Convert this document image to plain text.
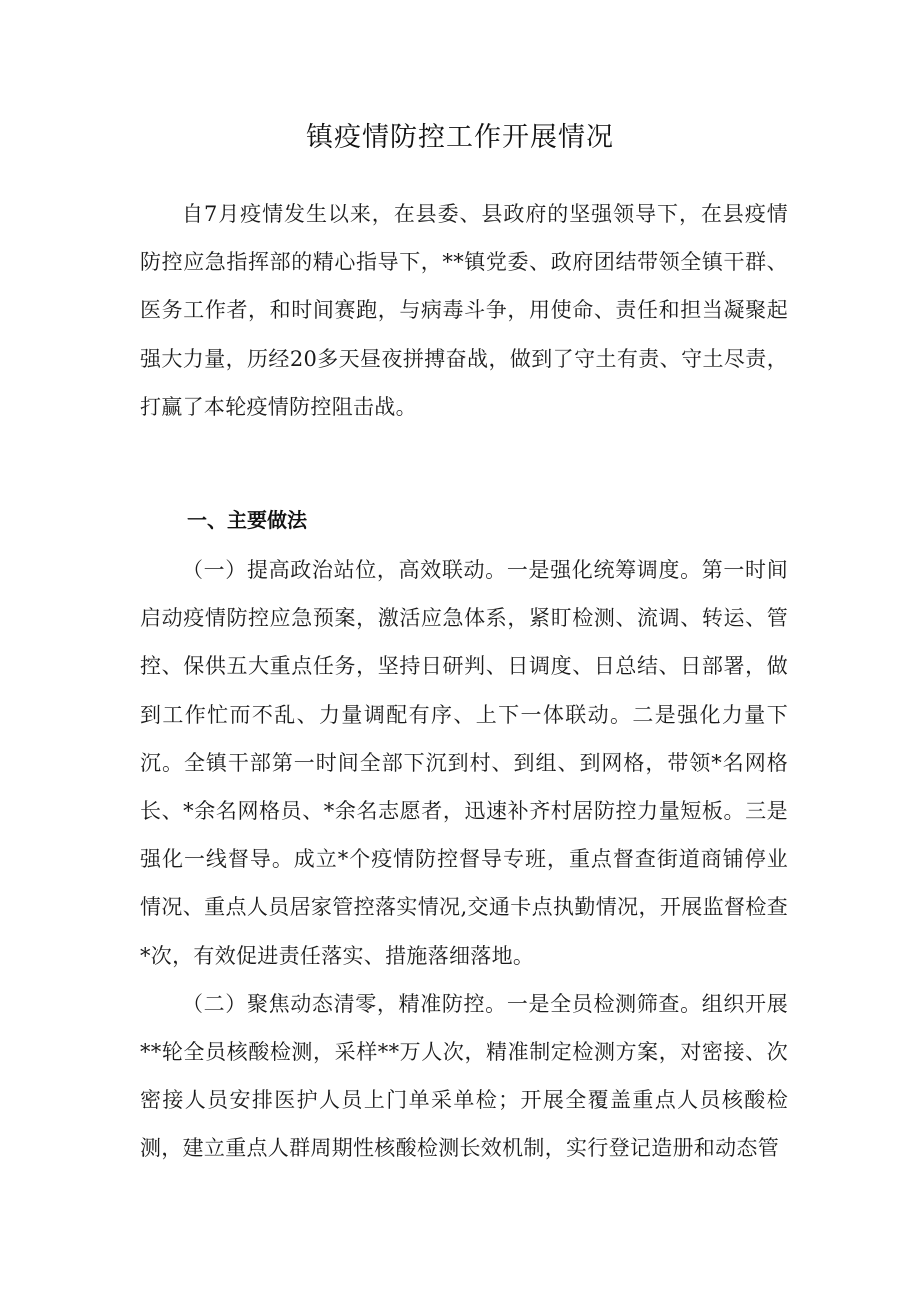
镇疫情防控工作开展情况

自7月疫情发生以来，在县委、县政府的坚强领导下，在县疫情防控应急指挥部的精心指导下，**镇党委、政府团结带领全镇干群、医务工作者，和时间赛跑，与病毒斗争，用使命、责任和担当凝聚起强大力量，历经20多天昼夜拼搏奋战，做到了守土有责、守土尽责，打赢了本轮疫情防控阻击战。

一、主要做法

（一）提高政治站位，高效联动。一是强化统筹调度。第一时间启动疫情防控应急预案，激活应急体系，紧盯检测、流调、转运、管控、保供五大重点任务，坚持日研判、日调度、日总结、日部署，做到工作忙而不乱、力量调配有序、上下一体联动。二是强化力量下沉。全镇干部第一时间全部下沉到村、到组、到网格，带领*名网格长、*余名网格员、*余名志愿者，迅速补齐村居防控力量短板。三是强化一线督导。成立*个疫情防控督导专班，重点督查街道商铺停业情况、重点人员居家管控落实情况,交通卡点执勤情况，开展监督检查*次，有效促进责任落实、措施落细落地。

（二）聚焦动态清零，精准防控。一是全员检测筛查。组织开展**轮全员核酸检测，采样**万人次，精准制定检测方案，对密接、次密接人员安排医护人员上门单采单检；开展全覆盖重点人员核酸检测，建立重点人群周期性核酸检测长效机制，实行登记造册和动态管
